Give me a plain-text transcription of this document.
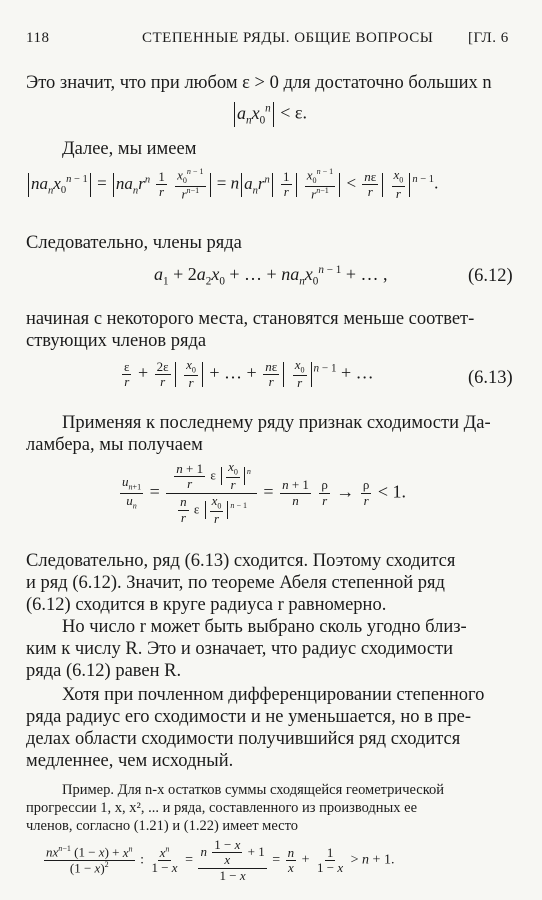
118	СТЕПЕННЫЕ РЯДЫ. ОБЩИЕ ВОПРОСЫ [ГЛ. 6
Это значит, что при любом ε > 0 для достаточно больших n
$a_nx_0^n < \varepsilon$.
Далее, мы имеем
$na_nx_0^{n - 1} = na_nr^n \frac{1}{r}$
$\frac{x_0^{n - 1}}{r^{n-1}} = n$ $a_nr^n \frac{1}{r}$
$\frac{x_0^{n - 1}}{r^{n-1}} < \frac{n\varepsilon}{r}$
$\frac{x_0}{r} ^{n - 1}$.
Следовательно, члены ряда
$a_1 + 2a_2x_0$ + … + $na_nx_0^{n - 1}$ + … ,	(6.12)
начиная с некоторого места, становятся меньше соответ-
ствующих членов ряда
$\frac{\varepsilon}{r} + \frac{2\varepsilon}{r}$
$\frac{x_0}{r}$ + … + $\frac{n\varepsilon}{r}$
$\frac{x_0}{r} ^{n - 1}$ + …	(6.13)
Применяя к последнему ряду признак сходимости Да-
ламбера, мы получаем
$\frac{u_{n+1}}{u_n} = \frac{\frac{n + 1}{r} \varepsilon \frac{x_0}{r} ^n}{\frac{n}{r} \varepsilon \frac{x_0}{r} ^{n - 1}} = \frac{n + 1}{n}$
$\frac{\rho}{r} \to \frac{\rho}{r} < 1$.
Следовательно, ряд (6.13) сходится. Поэтому сходится
и ряд (6.12). Значит, по теореме Абеля степенной ряд
(6.12) сходится в круге радиуса r равномерно.
Но число r может быть выбрано сколь угодно близ-
ким к числу R. Это и означает, что радиус сходимости
ряда (6.12) равен R.
Хотя при почленном дифференцировании степенного
ряда радиус его сходимости и не уменьшается, но в пре-
делах области сходимости получившийся ряд сходится
медленнее, чем исходный.
Пример. Для n-х остатков суммы сходящейся геометрической
прогрессии 1, x, x², ... и ряда, составленного из производных ее
членов, согласно (1.21) и (1.22) имеет место
$\frac{nx^{n-1} (1 - x) + x^n}{(1 - x)^2}$ : $\frac{x^n}{1 - x} = \frac{n \frac{1 - x}{x} + 1}{1 - x} = \frac{n}{x} + \frac{1}{1 - x} > n + 1$.
